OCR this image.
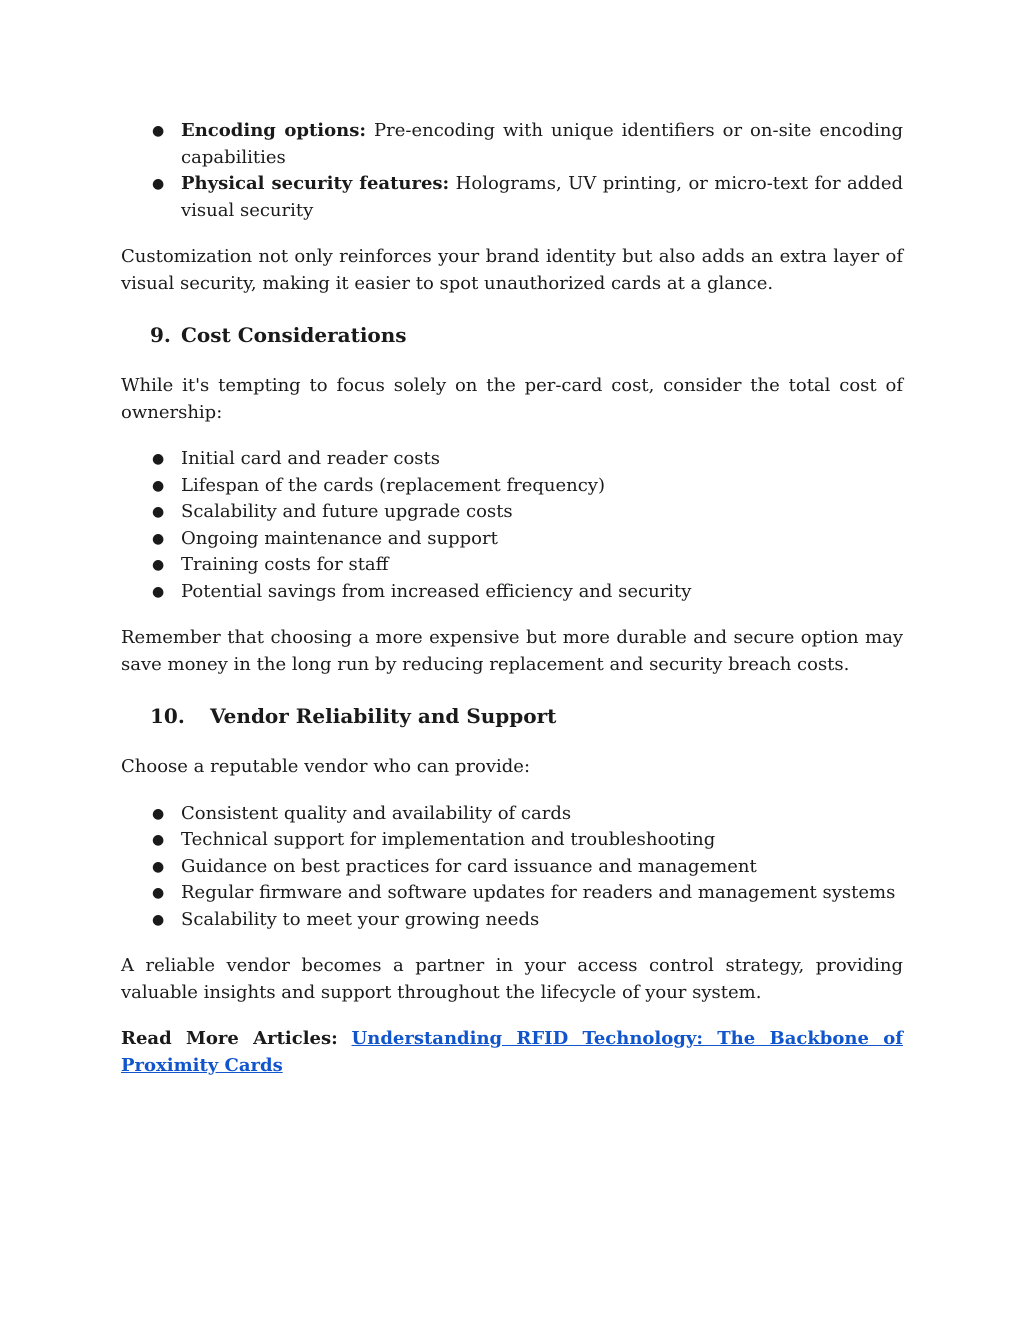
● Encoding options: Pre-encoding with unique identifiers or on-site encoding capabilities
● Physical security features: Holograms, UV printing, or micro-text for added visual security

Customization not only reinforces your brand identity but also adds an extra layer of visual security, making it easier to spot unauthorized cards at a glance.

9. Cost Considerations

While it's tempting to focus solely on the per-card cost, consider the total cost of ownership:

● Initial card and reader costs
● Lifespan of the cards (replacement frequency)
● Scalability and future upgrade costs
● Ongoing maintenance and support
● Training costs for staff
● Potential savings from increased efficiency and security

Remember that choosing a more expensive but more durable and secure option may save money in the long run by reducing replacement and security breach costs.

10. Vendor Reliability and Support

Choose a reputable vendor who can provide:

● Consistent quality and availability of cards
● Technical support for implementation and troubleshooting
● Guidance on best practices for card issuance and management
● Regular firmware and software updates for readers and management systems
● Scalability to meet your growing needs

A reliable vendor becomes a partner in your access control strategy, providing valuable insights and support throughout the lifecycle of your system.

Read More Articles: Understanding RFID Technology: The Backbone of Proximity Cards
